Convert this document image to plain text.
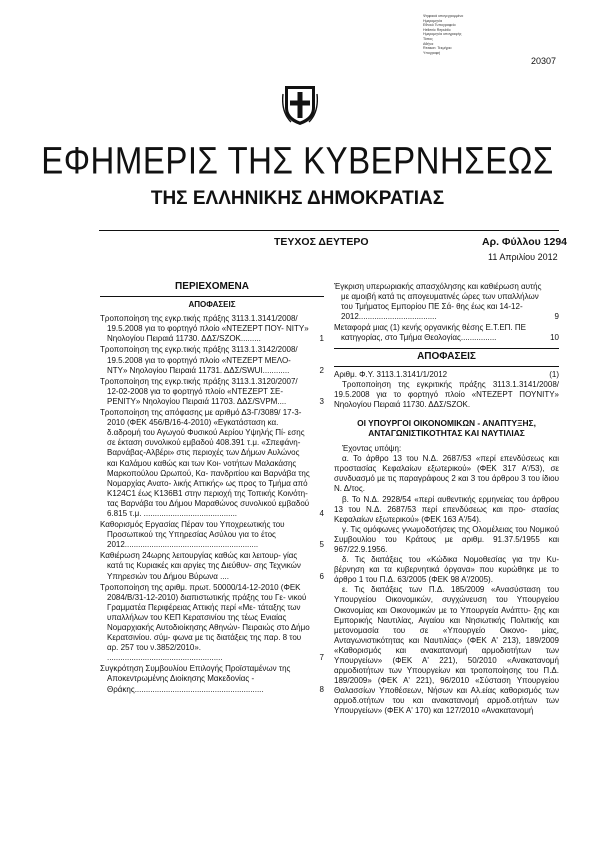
Ψηφιακά υπογεγραμμένο
Ημερομηνία
Εθνικό Τυπογραφείο
Hellenic Republic
Ημερομηνία υπογραφής
Τόπος
Αθήνα
Reason: Τεκμήριο
Υπογραφή
20307
ΕΦΗΜΕΡΙΣ ΤΗΣ ΚΥΒΕΡΝΗΣΕΩΣ
ΤΗΣ ΕΛΛΗΝΙΚΗΣ ΔΗΜΟΚΡΑΤΙΑΣ
ΤΕΥΧΟΣ ΔΕΥΤΕΡΟ	Αρ. Φύλλου 1294
11 Απριλίου 2012
ΠΕΡΙΕΧΟΜΕΝΑ
ΑΠΟΦΑΣΕΙΣ
Τροποποίηση της εγκρ.τικής πράξης 3113.1.3141/2008/ 19.5.2008 για το φορτηγό πλοίο «ΝΤΕΖΕΡΤ ΠΟΥ- ΝΙΤΥ» Νηολογίου Πειραιά 11730. ΔΔΣ/SZOK.........	1
Τροποποίηση της εγκρ.τικής πράξης 3113.1.3142/2008/ 19.5.2008 για το φορτηγό πλοίο «ΝΤΕΖΕΡΤ ΜΕΛΟ- ΝΤΥ» Νηολογίου Πειραιά 11731. ΔΔΣ/SWUI............	2
Τροποποίηση της εγκρ.τικής πράξης 3113.1.3120/2007/ 12-02-2008 για το φορτηγό πλοίο «ΝΤΕΖΕΡΤ ΣΕ- ΡΕΝΙΤΥ» Νηολογίου Πειραιά 11703. ΔΔΣ/SVPM....	3
Τροποποίηση της απόφασης με αριθμό Δ3-Γ/3089/ 17-3-2010 (ΦΕΚ 456/Β/16-4-2010) «Εγκατάσταση κα. δ.αδρομή του Αγωγού Φυσικού Αερίου Υψηλής Πί- εσης σε έκταση συνολικού εμβαδού 408.391 τ.μ. «Σπεφάνη-Βαρνάβας-Αλβέρι» στις περιοχές των Δήμων Αυλώνος και Καλάμου καθώς και των Κοι- νοτήτων Μαλακάσης Μαρκοπούλου Ωρωπού, Κα- πανδριτίου και Βαρνάβα της Νομαρχίας Ανατο- λικής Αττικής» ως προς το Τμήμα από K124C1 έως K136Β1 στην περιοχή της Τοπικής Κοινότη- τας Βαρνάβα του Δήμου Μαραθώνος συνολικού εμβαδού 6.815 τ.μ. ..........................................	4
Καθορισμός Εργασίας Πέραν του Υποχρεωτικής του Προσωπικού της Υπηρεσίας Ασύλου για το έτος 2012............................................................	5
Καθιέρωση 24ωρης λειτουργίας καθώς και λειτουρ- γίας κατά τις Κυριακές και αργίες της Διεύθυν- σης Τεχνικών Υπηρεσιών του Δήμου Βύρωνα ....	6
Τροποποίηση της αριθμ. πρωτ. 50000/14-12-2010 (ΦΕΚ 2084/Β/31-12-2010) διαπιστωτικής πράξης του Γε- νικού Γραμματέα Περιφέρειας Αττικής περί «Με- τάταξης των υπαλλήλων του ΚΕΠ Κερατσινίου της τέως Ενιαίας Νομαρχιακής Αυτοδιοίκησης Αθηνών- Πειραιώς στο Δήμο Κερατσινίου. σύμ- φωνα με τις διατάξεις της παρ. 8 του αρ. 257 του ν.3852/2010». ....................................................	7
Συγκρότηση Συμβουλίου Επιλογής Προϊσταμένων της Αποκεντρωμένης Διοίκησης Μακεδονίας - Θράκης..........................................................	8
Έγκριση υπερωριακής απασχόλησης και καθιέρωση αυτής με αμοιβή κατά τις απογευματινές ώρες των υπαλλήλων του Τμήματος Εμπορίου ΠΕ Σά- θης έως και 14-12-2012...................................	9
Μεταφορά μιας (1) κενής οργανικής θέσης Ε.Τ.ΕΠ. ΠΕ κατηγορίας, στο Τμήμα Θεολογίας................	10
ΑΠΟΦΑΣΕΙΣ
Αριθμ. Φ.Υ. 3113.1.3141/1/2012	(1)
Τροποποίηση της εγκριτικής πράξης 3113.1.3141/2008/ 19.5.2008 για το φορτηγό πλοίο «ΝΤΕΖΕΡΤ ΠΟΥΝΙΤΥ» Νηολογίου Πειραιά 11730. ΔΔΣ/SZOK.
ΟΙ ΥΠΟΥΡΓΟΙ ΟΙΚΟΝΟΜΙΚΩΝ - ΑΝΑΠΤΥΞΗΣ, ΑΝΤΑΓΩΝΙΣΤΙΚΟΤΗΤΑΣ ΚΑΙ ΝΑΥΤΙΛΙΑΣ
Έχοντας υπόψη:
α. Το άρθρο 13 του Ν.Δ. 2687/53 «περί επενδύσεως και προστασίας Κεφαλαίων εξωτερικού» (ΦΕΚ 317 Α'/53), σε συνδυασμό με τις παραγράφους 2 και 3 του άρθρου 3 του ίδιου Ν. Δ/τος.
β. Το Ν.Δ. 2928/54 «περί αυθεντικής ερμηνείας του άρθρου 13 του Ν.Δ. 2687/53 περί επενδύσεως και προ- στασίας Κεφαλαίων εξωτερικού» (ΦΕΚ 163 Α'/54).
γ. Τις ομόφωνες γνωμοδοτήσεις της Ολομέλειας του Νομικού Συμβουλίου του Κράτους με αριθμ. 91.37.5/1955 και 967/22.9.1956.
δ. Τις διατάξεις του «Κώδικα Νομοθεσίας για την Κυ- βέρνηση και τα κυβερνητικά όργανα» που κυρώθηκε με το άρθρο 1 του Π.Δ. 63/2005 (ΦΕΚ 98 Α'/2005).
ε. Τις διατάξεις των Π.Δ. 185/2009 «Ανασύσταση του Υπουργείου Οικονομικών, συγχώνευση του Υπουργείου Οικονομίας και Οικονομικών με το Υπουργεία Ανάπτυ- ξης και Εμπορικής Ναυτιλίας, Αιγαίου και Νησιωτικής Πολιτικής και μετονομασία του σε «Υπουργείο Οικονο- μίας, Ανταγωνιστικότητας και Ναυτιλίας» (ΦΕΚ Α' 213), 189/2009 «Καθορισμός και ανακατανομή αρμοδιοτήτων των Υπουργείων» (ΦΕΚ Α' 221), 50/2010 «Ανακατανομή αρμοδιοτήτων των Υπουργείων και τροποποίησης του Π.Δ. 189/2009» (ΦΕΚ Α' 221), 96/2010 «Σύσταση Υπουργείου Θαλασσίων Υποθέσεων, Νήσων και Αλ.είας καθορισμός των αρμοδ.οτήτων του και ανακατανομή αρμοδ.οτήτων των Υπουργείων» (ΦΕΚ Α' 170) και 127/2010 «Ανακατανομή
